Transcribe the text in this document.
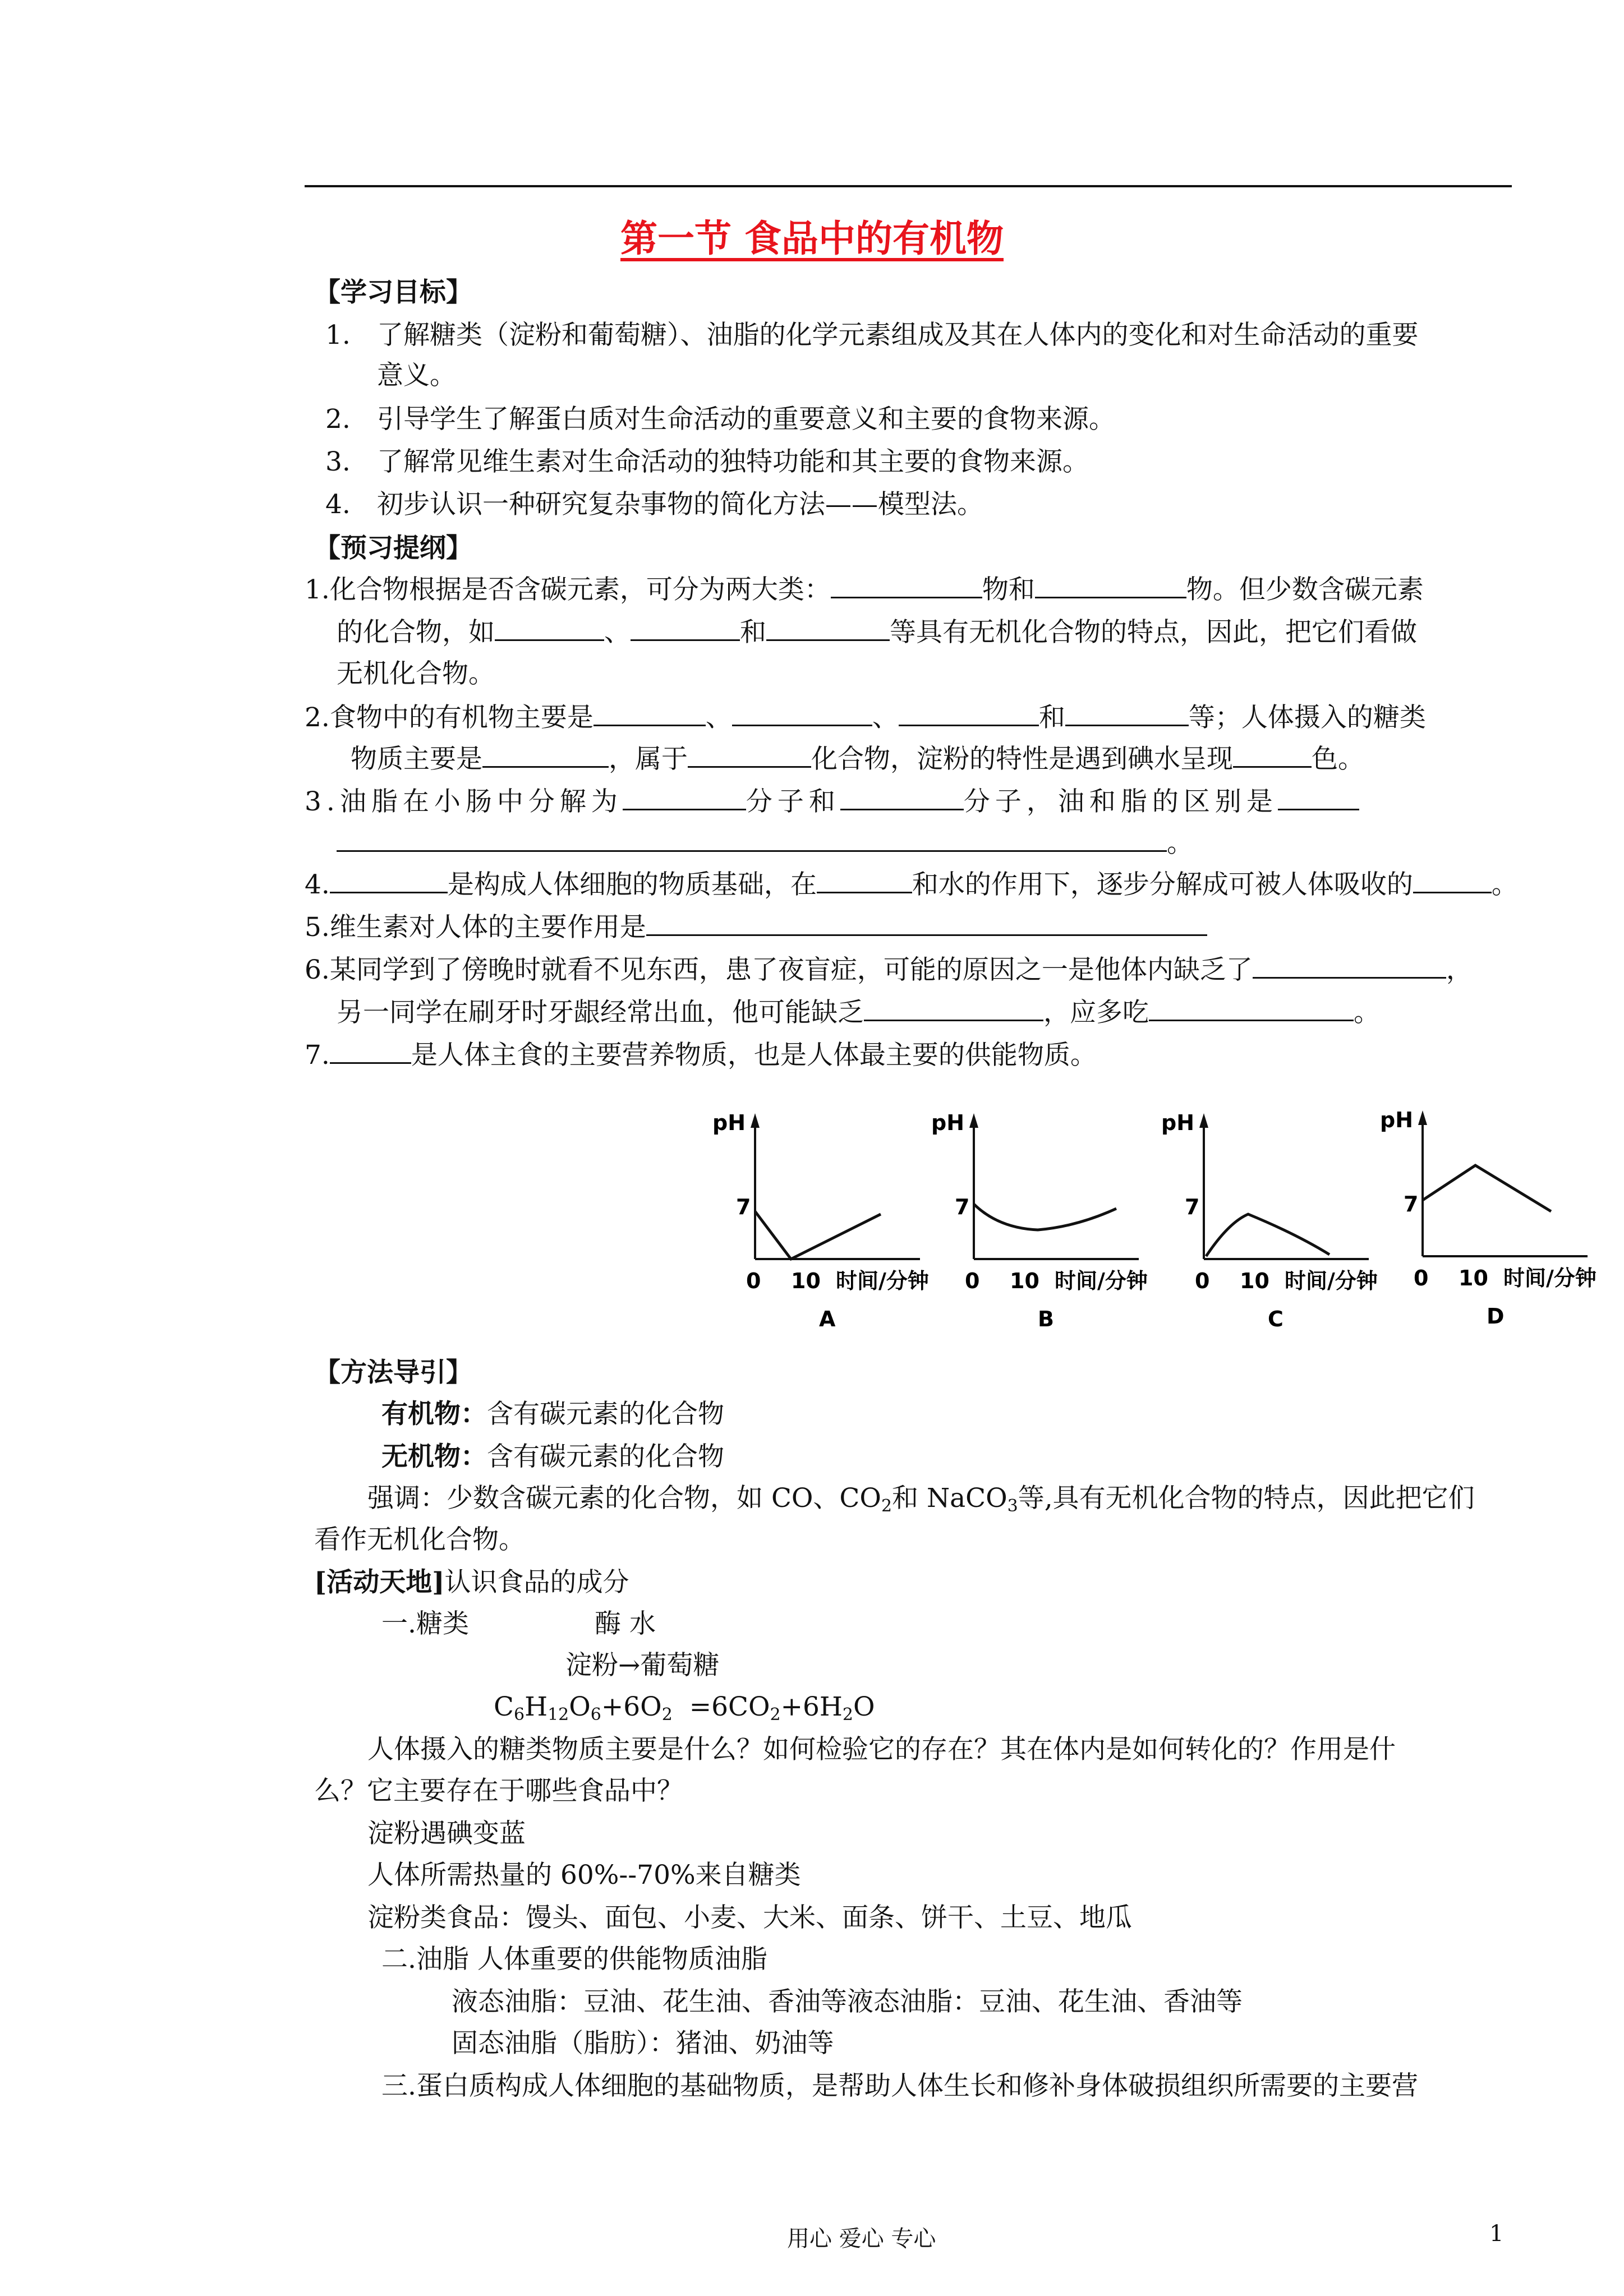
第一节 食品中的有机物
【学习目标】
1. 了解糖类（淀粉和葡萄糖）、油脂的化学元素组成及其在人体内的变化和对生命活动的重要
意义。
2. 引导学生了解蛋白质对生命活动的重要意义和主要的食物来源。
3. 了解常见维生素对生命活动的独特功能和其主要的食物来源。
4. 初步认识一种研究复杂事物的简化方法——模型法。
【预习提纲】
1.化合物根据是否含碳元素，可分为两大类：	物和	物。但少数含碳元素
的化合物，如	、	和	等具有无机化合物的特点，因此，把它们看做
无机化合物。
2.食物中的有机物主要是	、	、	和	等；人体摄入的糖类
物质主要是	，属于	化合物，淀粉的特性是遇到碘水呈现	色。
3.油脂在小肠中分解为	分子和	分子，油和脂的区别是
。
4.	是构成人体细胞的物质基础，在	和水的作用下，逐步分解成可被人体吸收的	。
5.维生素对人体的主要作用是
6.某同学到了傍晚时就看不见东西，患了夜盲症，可能的原因之一是他体内缺乏了	，
另一同学在刷牙时牙龈经常出血，他可能缺乏	，应多吃	。
7.	是人体主食的主要营养物质，也是人体最主要的供能物质。
pH
7
0 10 时间/分钟
A
pH
7
0 10 时间/分钟
B
pH
7
0 10 时间/分钟
C
pH
7
0 10 时间/分钟
D
【方法导引】
有机物：含有碳元素的化合物
无机物：含有碳元素的化合物
强调：少数含碳元素的化合物，如 CO、$CO_2$和 NaCO$_3$等,具有无机化合物的特点，因此把它们
看作无机化合物。
[活动天地]认识食品的成分
一.糖类	酶 水
淀粉→葡萄糖
$C_6H_{12}O_6+6O_2 =6CO_2+6H_2O$
人体摄入的糖类物质主要是什么？如何检验它的存在？其在体内是如何转化的？作用是什
么？它主要存在于哪些食品中？
淀粉遇碘变蓝
人体所需热量的 60%--70%来自糖类
淀粉类食品：馒头、面包、小麦、大米、面条、饼干、土豆、地瓜
二.油脂 人体重要的供能物质油脂
液态油脂：豆油、花生油、香油等液态油脂：豆油、花生油、香油等
固态油脂（脂肪）：猪油、奶油等
三.蛋白质构成人体细胞的基础物质，是帮助人体生长和修补身体破损组织所需要的主要营
用心 爱心 专心	1
